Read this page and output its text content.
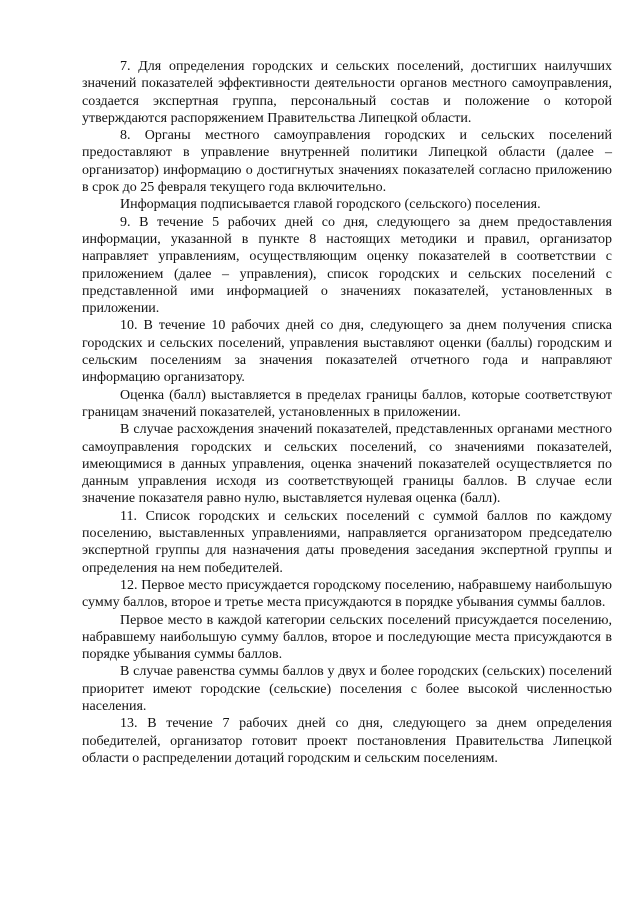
7. Для определения городских и сельских поселений, достигших наилучших значений показателей эффективности деятельности органов местного самоуправления, создается экспертная группа, персональный состав и положение о которой утверждаются распоряжением Правительства Липецкой области.

8. Органы местного самоуправления городских и сельских поселений предоставляют в управление внутренней политики Липецкой области (далее – организатор) информацию о достигнутых значениях показателей согласно приложению в срок до 25 февраля текущего года включительно.

Информация подписывается главой городского (сельского) поселения.

9. В течение 5 рабочих дней со дня, следующего за днем предоставления информации, указанной в пункте 8 настоящих методики и правил, организатор направляет управлениям, осуществляющим оценку показателей в соответствии с приложением (далее – управления), список городских и сельских поселений с представленной ими информацией о значениях показателей, установленных в приложении.

10. В течение 10 рабочих дней со дня, следующего за днем получения списка городских и сельских поселений, управления выставляют оценки (баллы) городским и сельским поселениям за значения показателей отчетного года и направляют информацию организатору.

Оценка (балл) выставляется в пределах границы баллов, которые соответствуют границам значений показателей, установленных в приложении.

В случае расхождения значений показателей, представленных органами местного самоуправления городских и сельских поселений, со значениями показателей, имеющимися в данных управления, оценка значений показателей осуществляется по данным управления исходя из соответствующей границы баллов. В случае если значение показателя равно нулю, выставляется нулевая оценка (балл).

11. Список городских и сельских поселений с суммой баллов по каждому поселению, выставленных управлениями, направляется организатором председателю экспертной группы для назначения даты проведения заседания экспертной группы и определения на нем победителей.

12. Первое место присуждается городскому поселению, набравшему наибольшую сумму баллов, второе и третье места присуждаются в порядке убывания суммы баллов.

Первое место в каждой категории сельских поселений присуждается поселению, набравшему наибольшую сумму баллов, второе и последующие места присуждаются в порядке убывания суммы баллов.

В случае равенства суммы баллов у двух и более городских (сельских) поселений приоритет имеют городские (сельские) поселения с более высокой численностью населения.

13. В течение 7 рабочих дней со дня, следующего за днем определения победителей, организатор готовит проект постановления Правительства Липецкой области о распределении дотаций городским и сельским поселениям.
